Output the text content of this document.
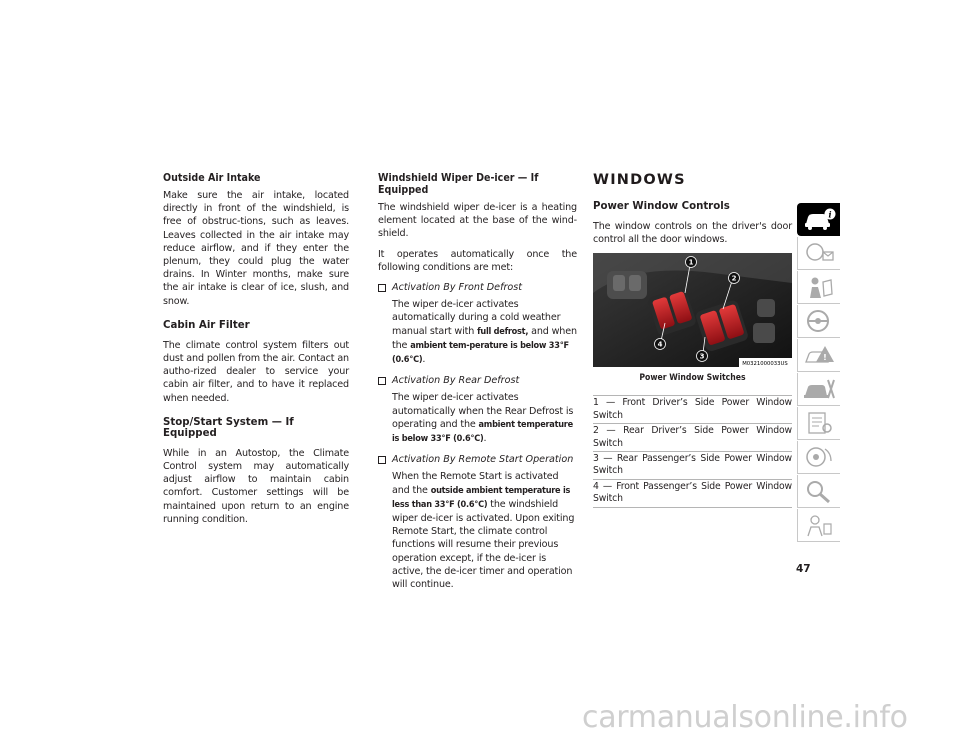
Outside Air Intake

Make sure the air intake, located directly in front of the windshield, is free of obstruc-tions, such as leaves. Leaves collected in the air intake may reduce airflow, and if they enter the plenum, they could plug the water drains. In Winter months, make sure the air intake is clear of ice, slush, and snow.

Cabin Air Filter

The climate control system filters out dust and pollen from the air. Contact an autho-rized dealer to service your cabin air filter, and to have it replaced when needed.

Stop/Start System — If Equipped

While in an Autostop, the Climate Control system may automatically adjust airflow to maintain cabin comfort. Customer settings will be maintained upon return to an engine running condition.

Windshield Wiper De-icer — If Equipped

The windshield wiper de-icer is a heating element located at the base of the wind-shield.

It operates automatically once the following conditions are met:

Activation By Front Defrost

The wiper de-icer activates automatically during a cold weather manual start with full defrost, and when the ambient tem-perature is below 33°F (0.6°C).

Activation By Rear Defrost

The wiper de-icer activates automatically when the Rear Defrost is operating and the ambient temperature is below 33°F (0.6°C).

Activation By Remote Start Operation

When the Remote Start is activated and the outside ambient temperature is less than 33°F (0.6°C) the windshield wiper de-icer is activated. Upon exiting Remote Start, the climate control functions will resume their previous operation except, if the de-icer is active, the de-icer timer and operation will continue.

WINDOWS
Power Window Controls

The window controls on the driver's door control all the door windows.

1
2
3
4
M0321000033US
Power Window Switches
1 — Front Driver’s Side Power Window Switch
2 — Rear Driver’s Side Power Window Switch
3 — Rear Passenger’s Side Power Window Switch
4 — Front Passenger’s Side Power Window Switch
i
!
47
carmanualsonline.info
